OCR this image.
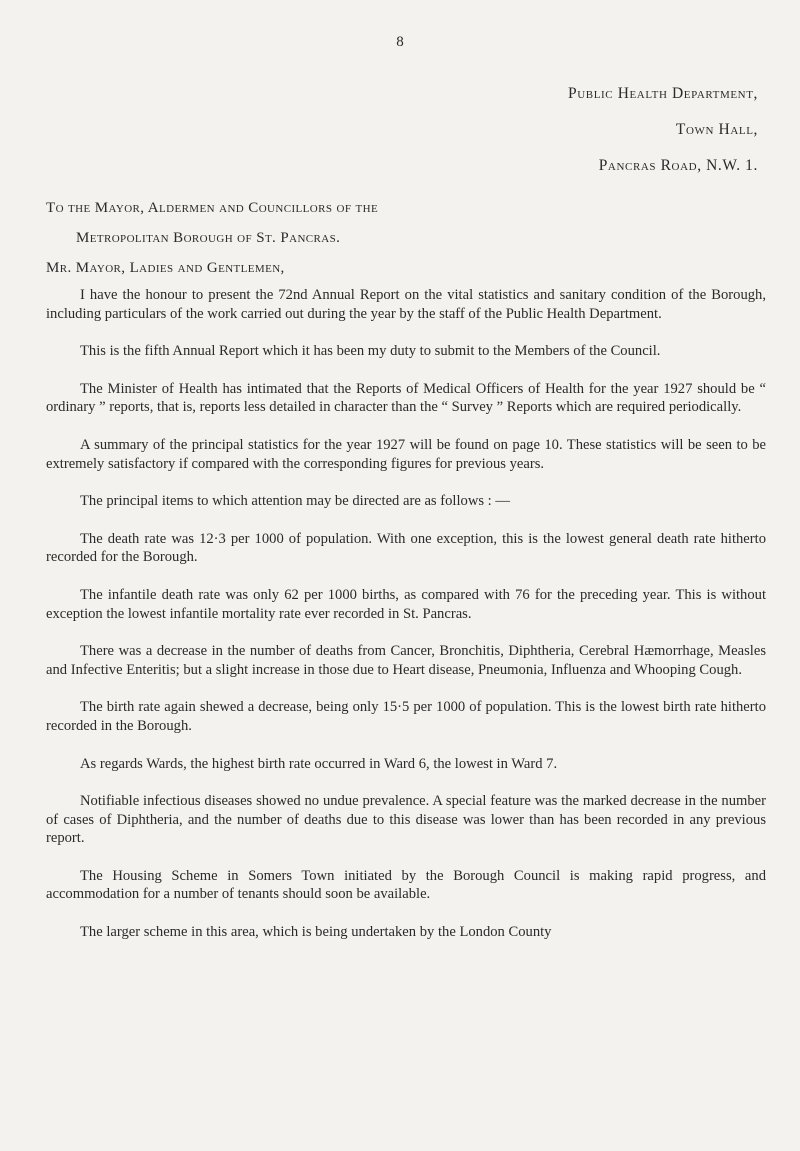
8
Public Health Department,
Town Hall,
Pancras Road, N.W. 1.
To the Mayor, Aldermen and Councillors of the
Metropolitan Borough of St. Pancras.
Mr. Mayor, Ladies and Gentlemen,

I have the honour to present the 72nd Annual Report on the vital statistics and sanitary condition of the Borough, including particulars of the work carried out during the year by the staff of the Public Health Department.

This is the fifth Annual Report which it has been my duty to submit to the Members of the Council.

The Minister of Health has intimated that the Reports of Medical Officers of Health for the year 1927 should be “ ordinary ” reports, that is, reports less detailed in character than the “ Survey ” Reports which are required periodically.

A summary of the principal statistics for the year 1927 will be found on page 10. These statistics will be seen to be extremely satisfactory if compared with the corresponding figures for previous years.

The principal items to which attention may be directed are as follows : —

The death rate was 12·3 per 1000 of population. With one exception, this is the lowest general death rate hitherto recorded for the Borough.

The infantile death rate was only 62 per 1000 births, as compared with 76 for the preceding year. This is without exception the lowest infantile mortality rate ever recorded in St. Pancras.

There was a decrease in the number of deaths from Cancer, Bronchitis, Diphtheria, Cerebral Hæmorrhage, Measles and Infective Enteritis; but a slight increase in those due to Heart disease, Pneumonia, Influenza and Whooping Cough.

The birth rate again shewed a decrease, being only 15·5 per 1000 of population. This is the lowest birth rate hitherto recorded in the Borough.

As regards Wards, the highest birth rate occurred in Ward 6, the lowest in Ward 7.

Notifiable infectious diseases showed no undue prevalence. A special feature was the marked decrease in the number of cases of Diphtheria, and the number of deaths due to this disease was lower than has been recorded in any previous report.

The Housing Scheme in Somers Town initiated by the Borough Council is making rapid progress, and accommodation for a number of tenants should soon be available.

The larger scheme in this area, which is being undertaken by the London County
